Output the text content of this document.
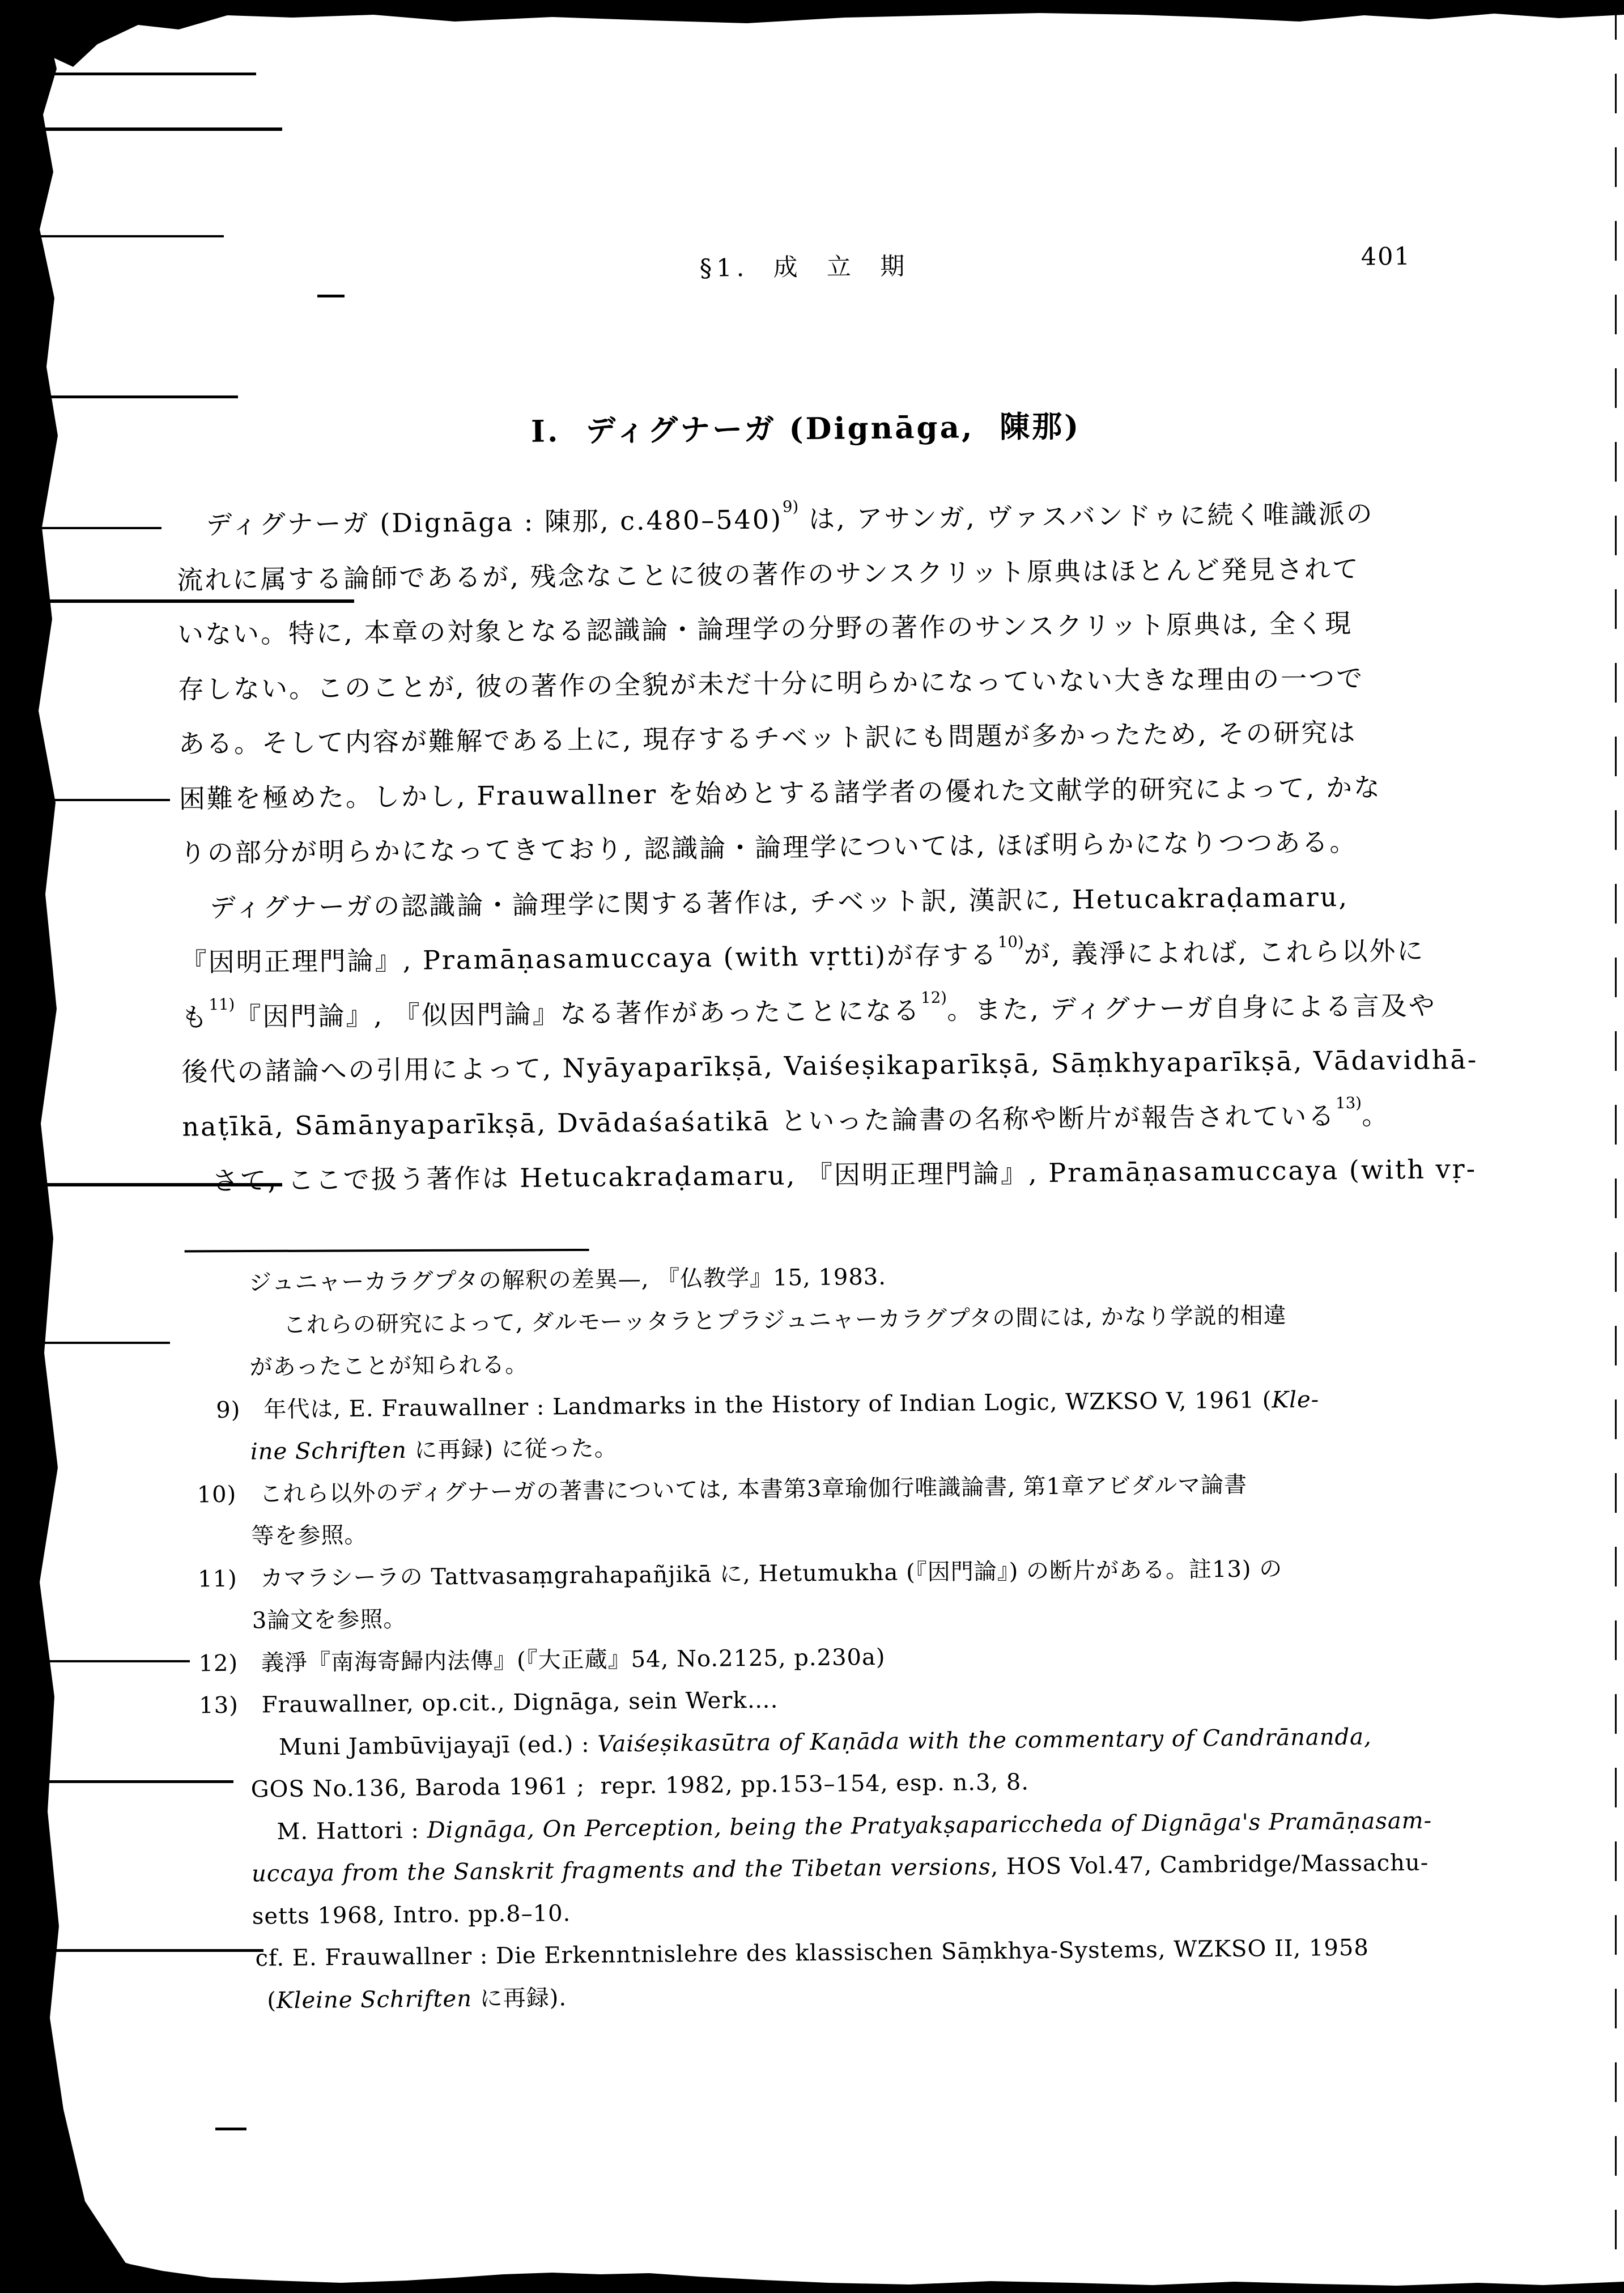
§1.  成  立  期	401
I.  ディグナーガ (Dignāga,  陳那)
ディグナーガ (Dignāga : 陳那, c.480–540)$^{9)}$ は, アサンガ, ヴァスバンドゥに続く唯識派の
流れに属する論師であるが, 残念なことに彼の著作のサンスクリット原典はほとんど発見されて
いない。特に, 本章の対象となる認識論・論理学の分野の著作のサンスクリット原典は, 全く現
存しない。このことが, 彼の著作の全貌が未だ十分に明らかになっていない大きな理由の一つで
ある。そして内容が難解である上に, 現存するチベット訳にも問題が多かったため, その研究は
困難を極めた。しかし, Frauwallner を始めとする諸学者の優れた文献学的研究によって, かな
りの部分が明らかになってきており, 認識論・論理学については, ほぼ明らかになりつつある。
ディグナーガの認識論・論理学に関する著作は, チベット訳, 漢訳に, Hetucakraḍamaru,
『因明正理門論』, Pramāṇasamuccaya (with vṛtti)が存する$^{10)}$が, 義淨によれば, これら以外に
も$^{11)}$『因門論』, 『似因門論』なる著作があったことになる$^{12)}$。また, ディグナーガ自身による言及や
後代の諸論への引用によって, Nyāyaparīkṣā, Vaiśeṣikaparīkṣā, Sāṃkhyaparīkṣā, Vādavidhā-
naṭīkā, Sāmānyaparīkṣā, Dvādaśaśatikā といった論書の名称や断片が報告されている$^{13)}$。
さて, ここで扱う著作は Hetucakraḍamaru, 『因明正理門論』, Pramāṇasamuccaya (with vṛ-
ジュニャーカラグプタの解釈の差異—, 『仏教学』15, 1983.
これらの研究によって, ダルモーッタラとプラジュニャーカラグプタの間には, かなり学説的相違
があったことが知られる。
9)　年代は, E. Frauwallner : Landmarks in the History of Indian Logic, WZKSO V, 1961 (Kle-
ine Schriften に再録) に従った。
10)　これら以外のディグナーガの著書については, 本書第3章瑜伽行唯識論書, 第1章アビダルマ論書
等を参照。
11)　カマラシーラの Tattvasaṃgrahapañjikā に, Hetumukha (『因門論』) の断片がある。註13) の
3論文を参照。
12)　義淨『南海寄歸内法傳』(『大正蔵』54, No.2125, p.230a)
13)　Frauwallner, op.cit., Dignāga, sein Werk….
Muni Jambūvijayajī (ed.) : Vaiśeṣikasūtra of Kaṇāda with the commentary of Candrānanda,
GOS No.136, Baroda 1961 ;  repr. 1982, pp.153–154, esp. n.3, 8.
M. Hattori : Dignāga, On Perception, being the Pratyakṣapariccheda of Dignāga's Pramāṇasam-
uccaya from the Sanskrit fragments and the Tibetan versions, HOS Vol.47, Cambridge/Massachu-
setts 1968, Intro. pp.8–10.
cf. E. Frauwallner : Die Erkenntnislehre des klassischen Sāṃkhya-Systems, WZKSO II, 1958
(Kleine Schriften に再録).
